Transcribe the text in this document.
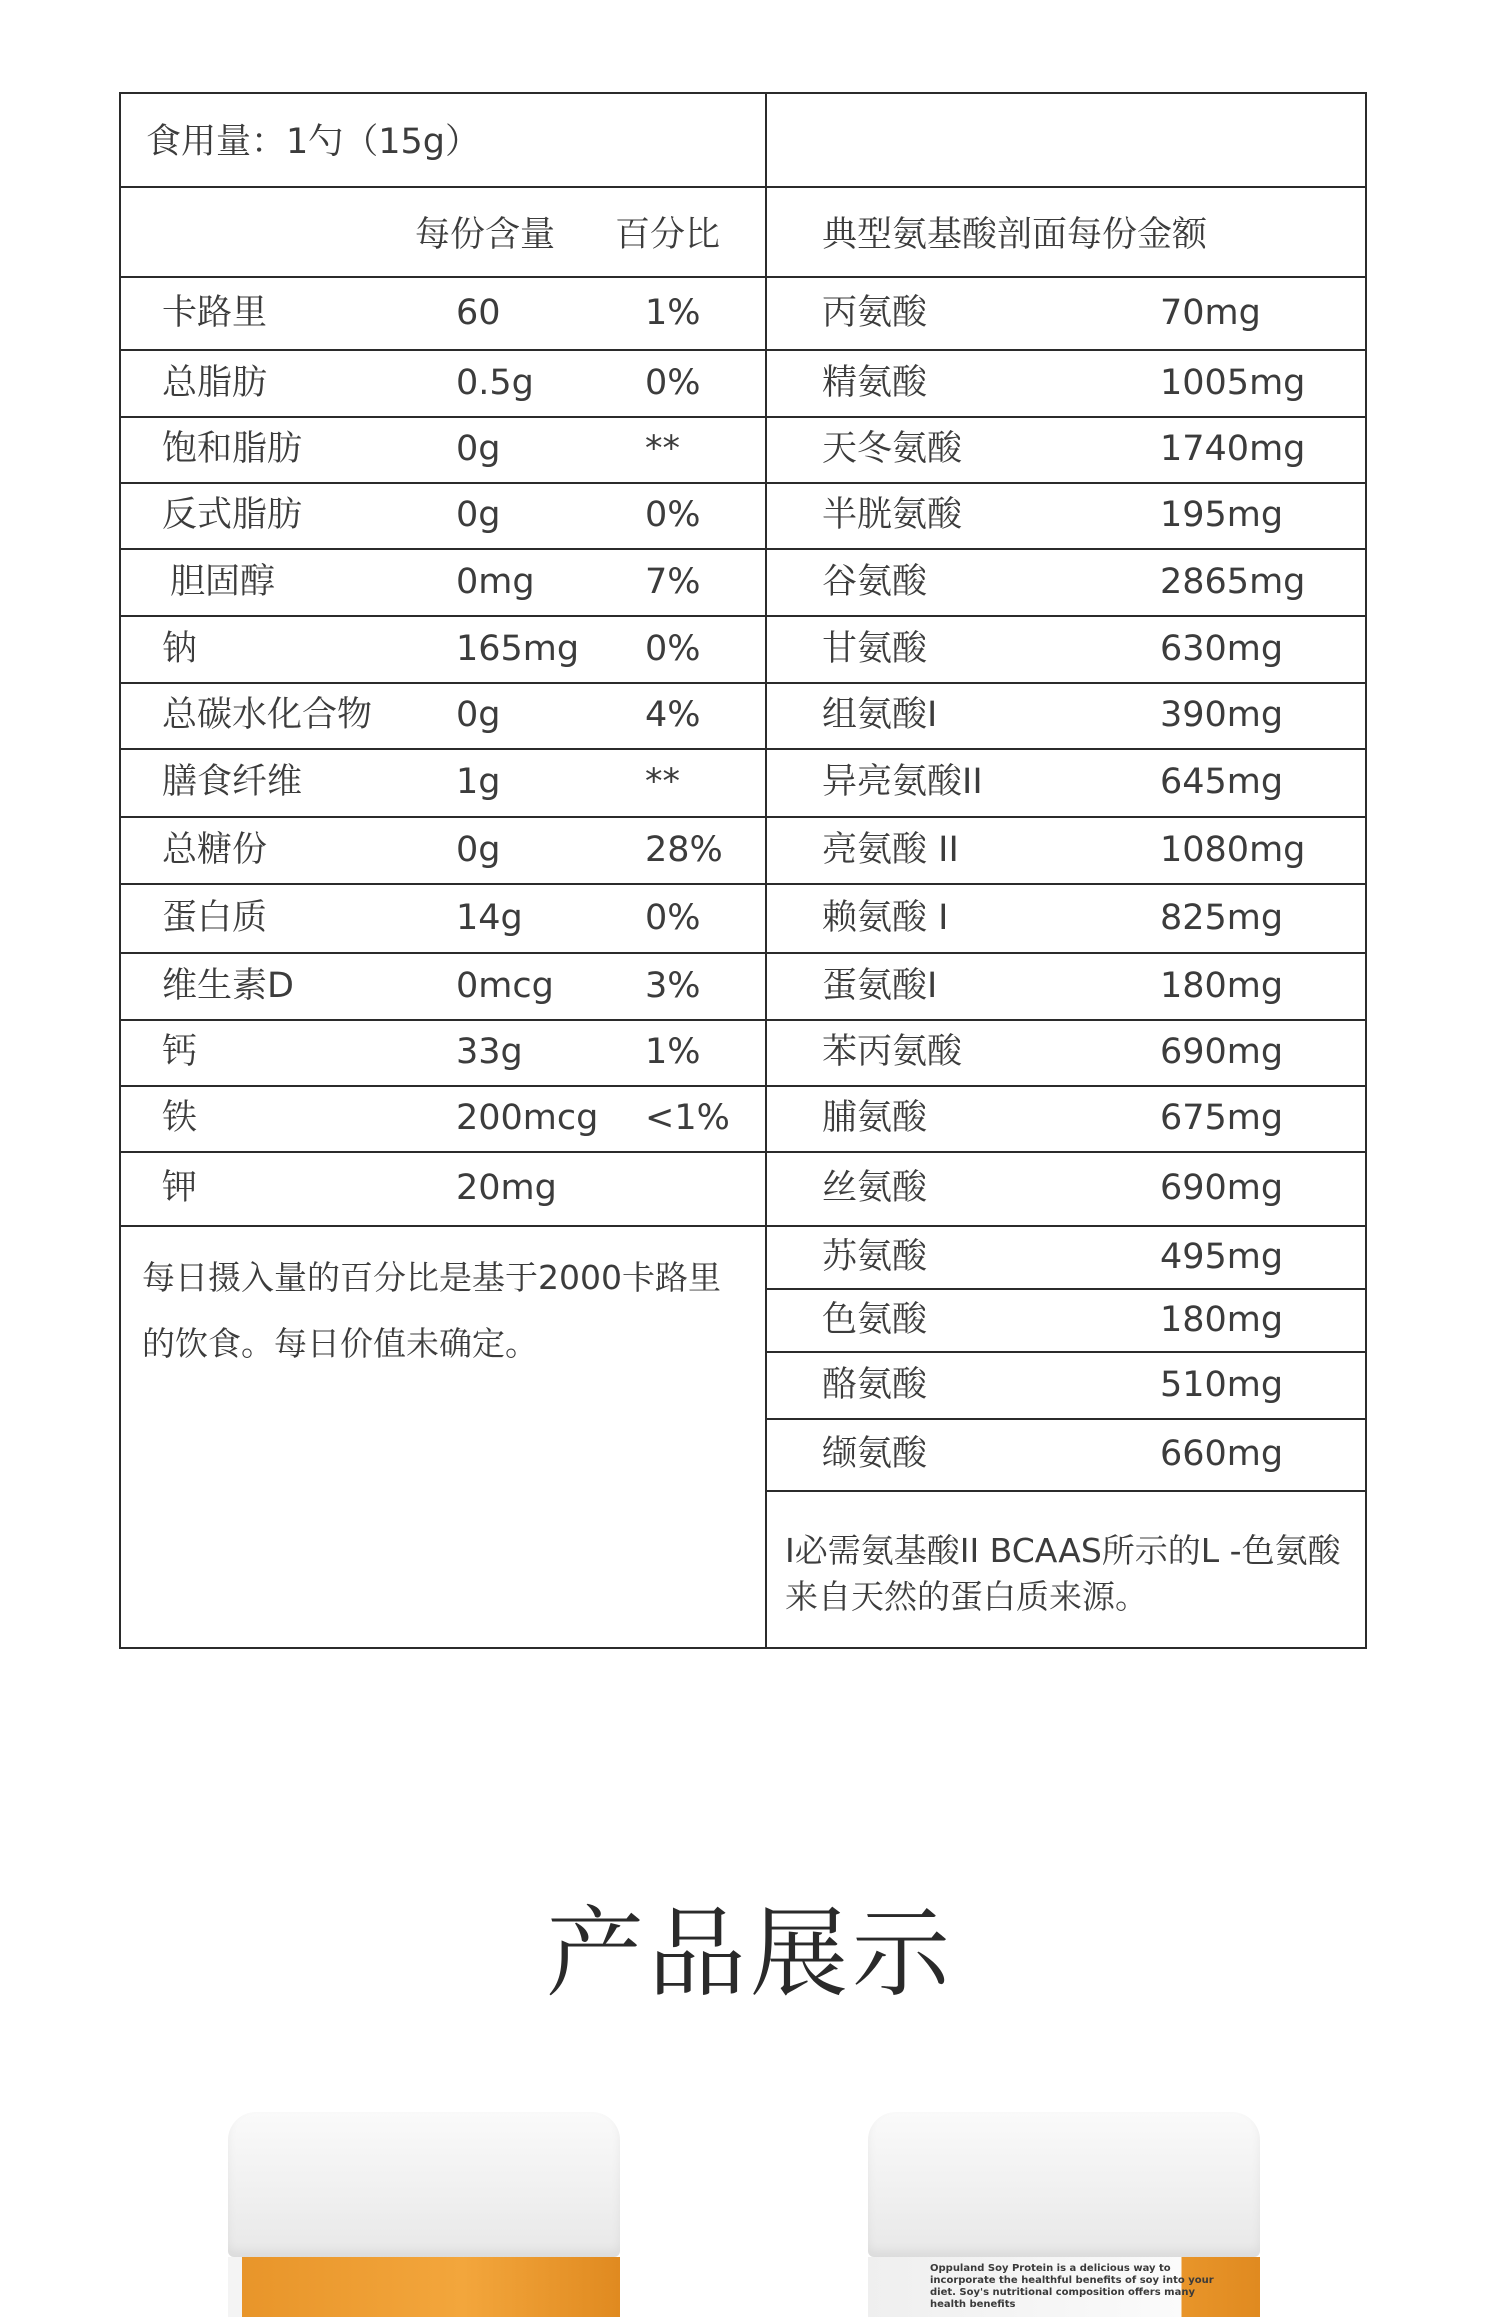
食用量：1勺（15g）
每份含量 百分比	典型氨基酸剖面每份金额
卡路里	60	1%
总脂肪	0.5g	0%
饱和脂肪	0g	**
反式脂肪	0g	0%
胆固醇	0mg	7%
钠	165mg 0%
总碳水化合物 0g	4%
膳食纤维	1g	**
总糖份	0g	28%
蛋白质	14g	0%
维生素D	0mcg	3%
钙	33g	1%
铁	200mcg <1%
钾	20mg
丙氨酸	70mg
精氨酸	1005mg
天冬氨酸	1740mg
半胱氨酸	195mg
谷氨酸	2865mg
甘氨酸	630mg
组氨酸I	390mg
异亮氨酸II	645mg
亮氨酸 II	1080mg
赖氨酸 I	825mg
蛋氨酸I	180mg
苯丙氨酸	690mg
脯氨酸	675mg
丝氨酸	690mg
苏氨酸	495mg
色氨酸	180mg
酪氨酸	510mg
缬氨酸	660mg
每日摄入量的百分比是基于2000卡路里
的饮食。每日价值未确定。
I必需氨基酸II BCAAS所示的L -色氨酸
来自天然的蛋白质来源。
产品展示
Oppuland Soy Protein is a delicious way to incorporate the healthful benefits of soy into your diet. Soy's nutritional composition offers many health benefits
